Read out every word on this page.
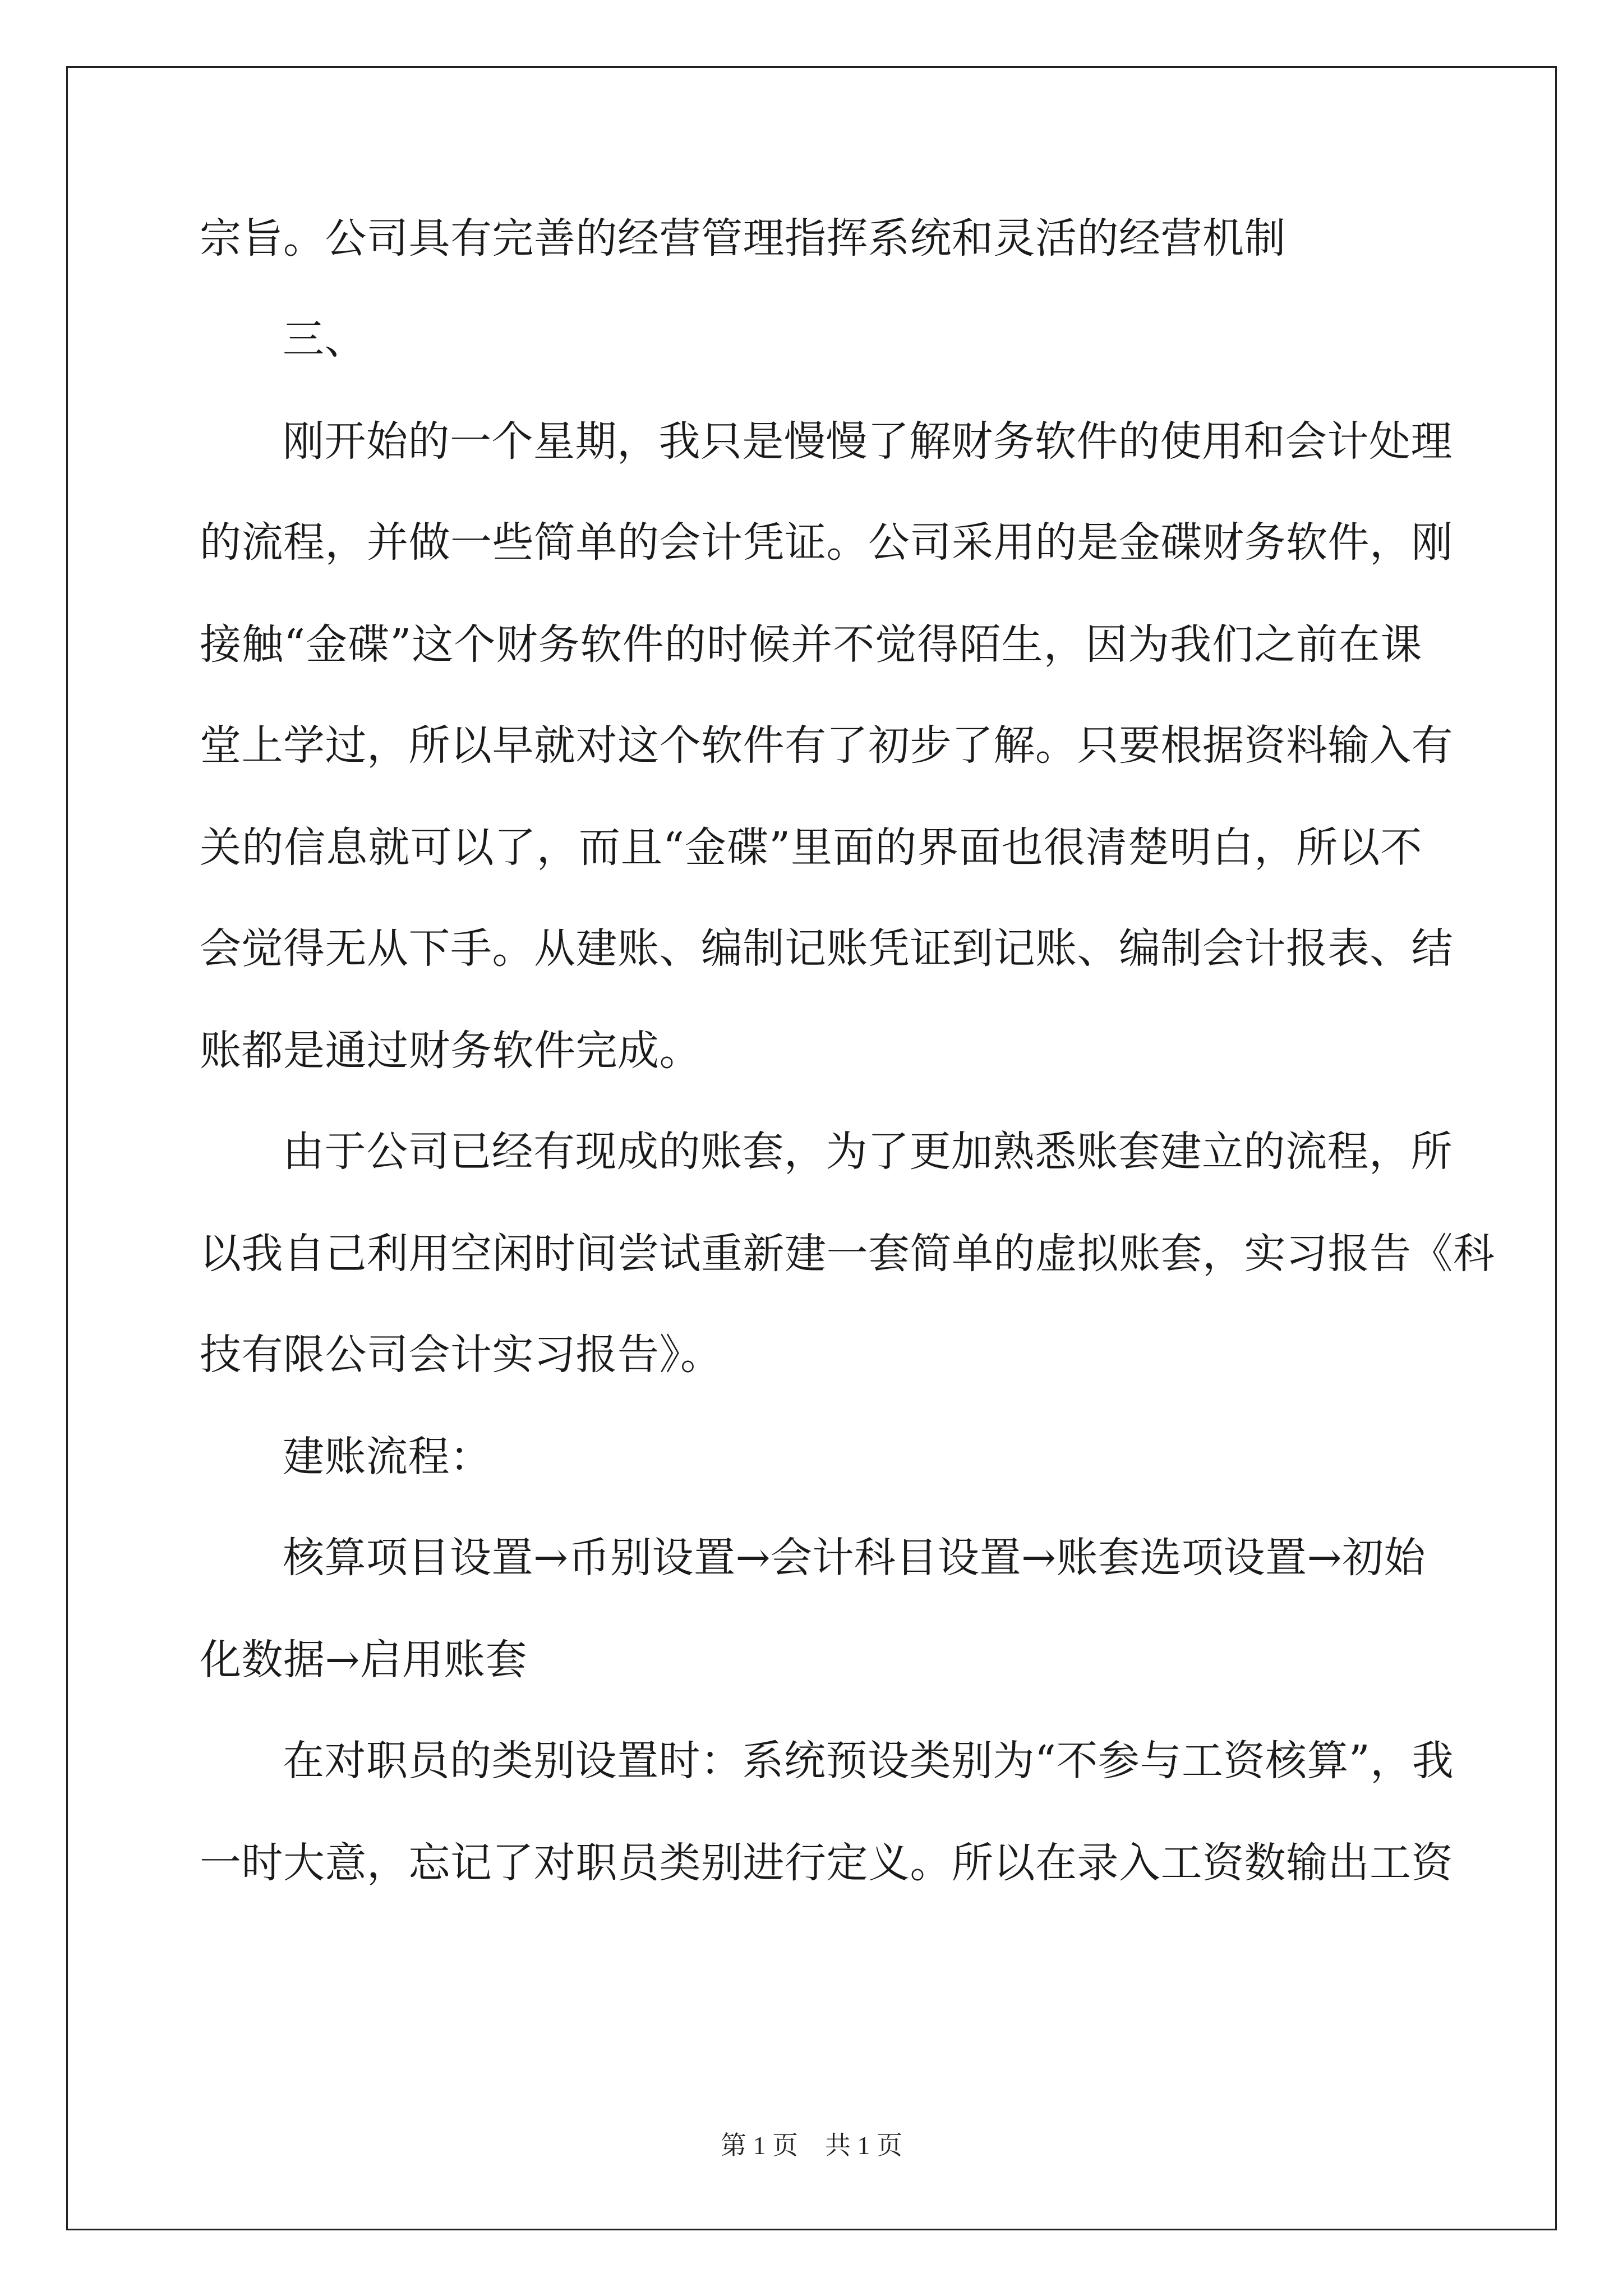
宗旨。公司具有完善的经营管理指挥系统和灵活的经营机制
三、
刚开始的一个星期，我只是慢慢了解财务软件的使用和会计处理
的流程，并做一些简单的会计凭证。公司采用的是金碟财务软件，刚
接触“金碟”这个财务软件的时候并不觉得陌生，因为我们之前在课
堂上学过，所以早就对这个软件有了初步了解。只要根据资料输入有
关的信息就可以了，而且“金碟”里面的界面也很清楚明白，所以不
会觉得无从下手。从建账、编制记账凭证到记账、编制会计报表、结
账都是通过财务软件完成。
由于公司已经有现成的账套，为了更加熟悉账套建立的流程，所
以我自己利用空闲时间尝试重新建一套简单的虚拟账套，实习报告《科
技有限公司会计实习报告》。
建账流程：
核算项目设置→币别设置→会计科目设置→账套选项设置→初始
化数据→启用账套
在对职员的类别设置时：系统预设类别为“不参与工资核算”，我
一时大意，忘记了对职员类别进行定义。所以在录入工资数输出工资
第 1 页 共 1 页
